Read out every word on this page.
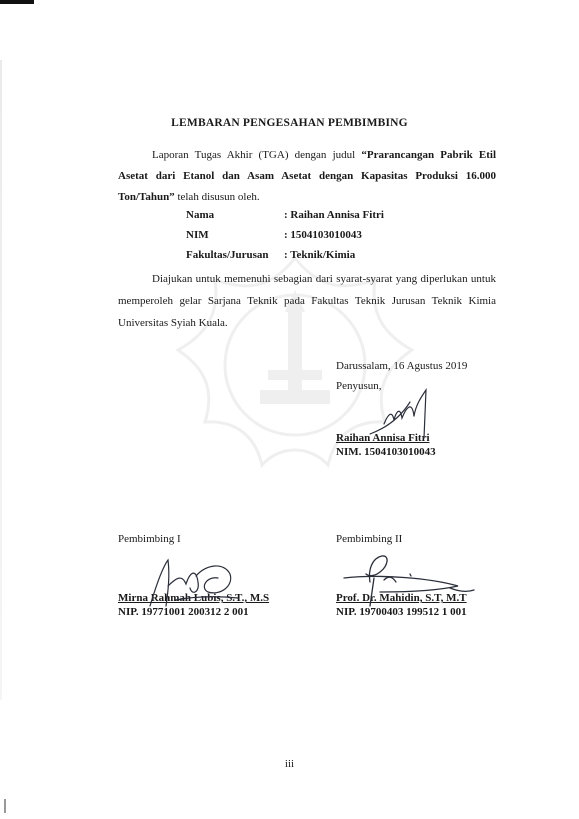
LEMBARAN PENGESAHAN PEMBIMBING

Laporan Tugas Akhir (TGA) dengan judul “Prarancangan Pabrik Etil Asetat dari Etanol dan Asam Asetat dengan Kapasitas Produksi 16.000 Ton/Tahun” telah disusun oleh.

Nama	: Raihan Annisa Fitri
NIM	: 1504103010043
Fakultas/Jurusan	: Teknik/Kimia

Diajukan untuk memenuhi sebagian dari syarat-syarat yang diperlukan untuk memperoleh gelar Sarjana Teknik pada Fakultas Teknik Jurusan Teknik Kimia Universitas Syiah Kuala.

Darussalam, 16 Agustus 2019
Penyusun,
Raihan Annisa Fitri
NIM. 1504103010043
Pembimbing I
Mirna Rahmah Lubis, S.T., M.S
NIP. 19771001 200312 2 001
Pembimbing II
Prof. Dr. Mahidin, S.T, M.T
NIP. 19700403 199512 1 001
iii
